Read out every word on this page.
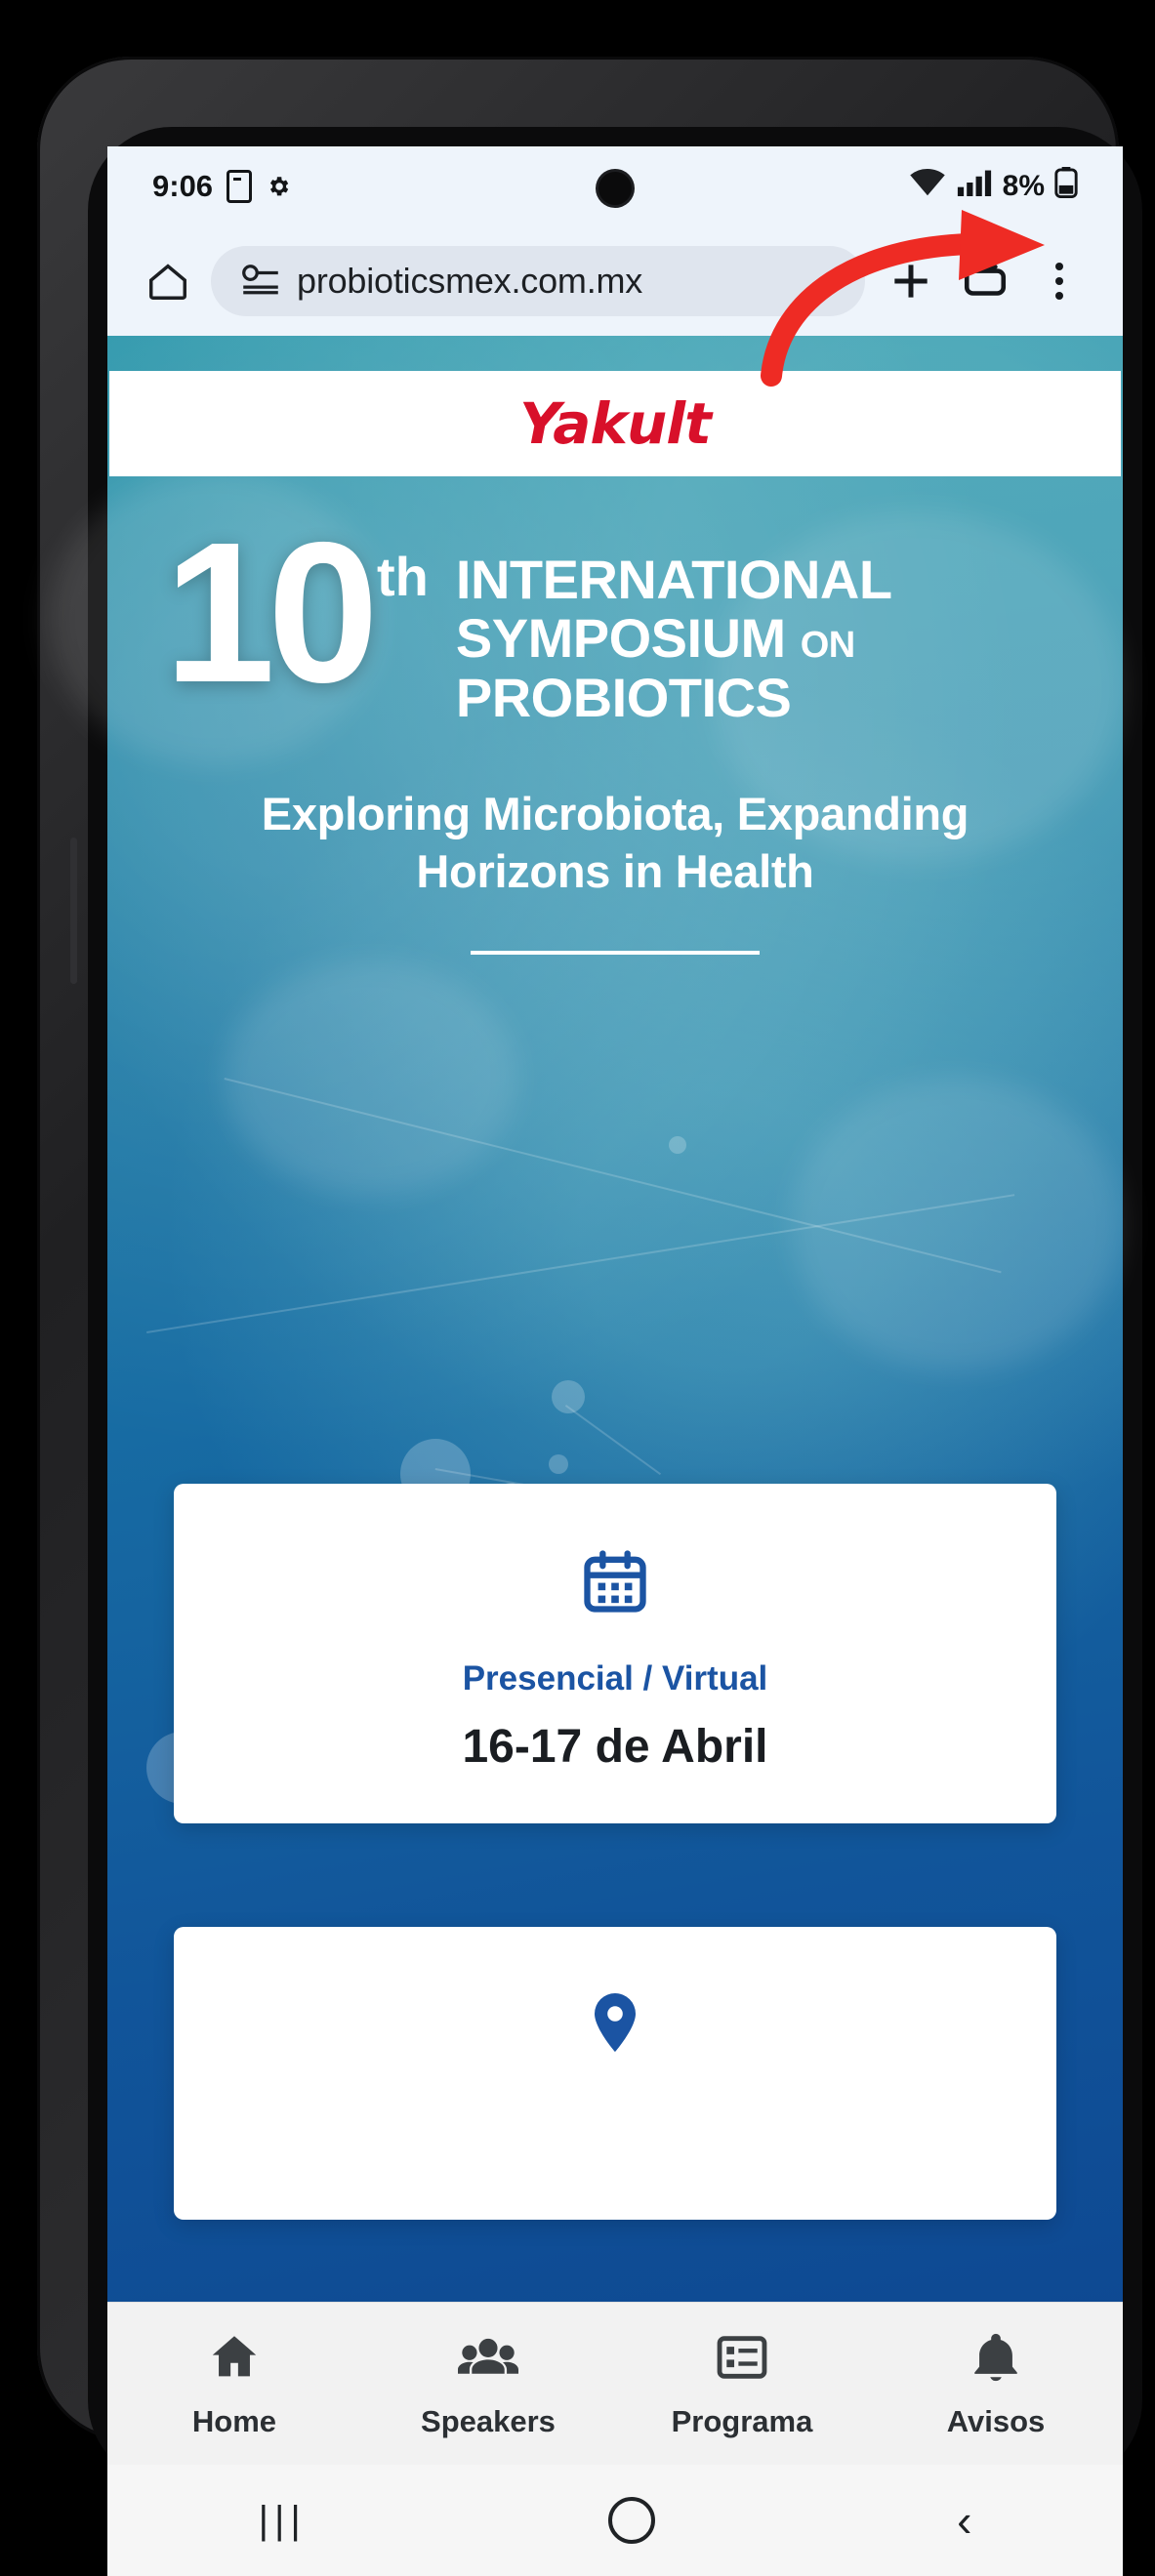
9:06	8%
probioticsmex.com.mx
Yakult
10 th INTERNATIONAL
SYMPOSIUM ON
PROBIOTICS
Exploring Microbiota, Expanding
Horizons in Health
Presencial / Virtual
16-17 de Abril
Home	Speakers	Programa	Avisos
|||	‹
